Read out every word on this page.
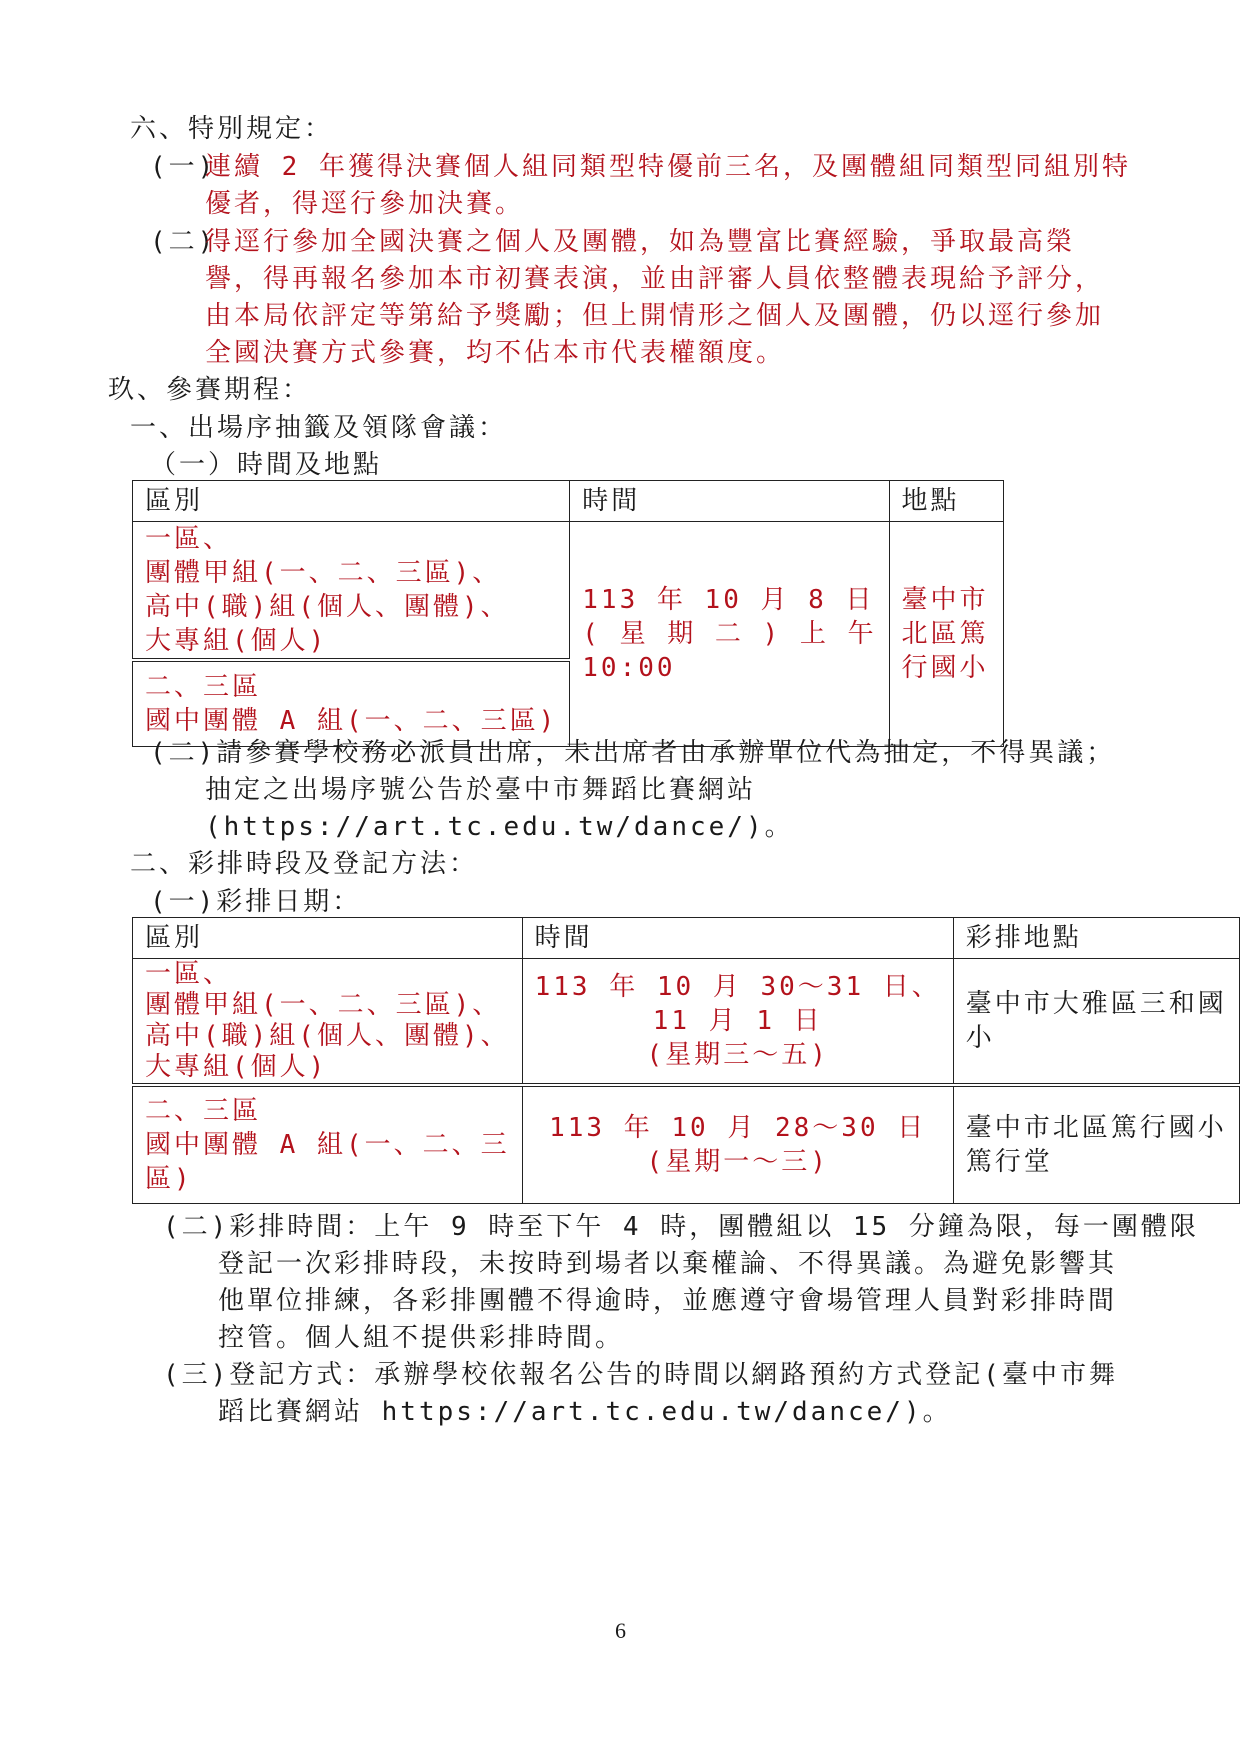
六、特別規定：
(一)
連續 2 年獲得決賽個人組同類型特優前三名，及團體組同類型同組別特
優者，得逕行參加決賽。
(二)
得逕行參加全國決賽之個人及團體，如為豐富比賽經驗，爭取最高榮
譽，得再報名參加本市初賽表演，並由評審人員依整體表現給予評分，
由本局依評定等第給予獎勵；但上開情形之個人及團體，仍以逕行參加
全國決賽方式參賽，均不佔本市代表權額度。
玖、參賽期程：
一、出場序抽籤及領隊會議：
（一）時間及地點
區別	時間	地點

一區、
團體甲組(一、二、三區)、
高中(職)組(個人、團體)、
大專組(個人)	113 年 10 月 8 日
( 星 期 二 ) 上 午
10:00	臺中市北區篤行國小

二、三區
國中團體 A 組(一、二、三區)		
(二)請參賽學校務必派員出席，未出席者由承辦單位代為抽定，不得異議；
抽定之出場序號公告於臺中市舞蹈比賽網站
(https://art.tc.edu.tw/dance/)。
二、彩排時段及登記方法：
(一)彩排日期：
區別	時間	彩排地點

一區、
團體甲組(一、二、三區)、
高中(職)組(個人、團體)、
大專組(個人)	113 年 10 月 30～31 日、
11 月 1 日
(星期三～五)	臺中市大雅區三和國
小

二、三區
國中團體 A 組(一、二、三
區)	113 年 10 月 28～30 日
(星期一～三)	臺中市北區篤行國小
篤行堂
(二)彩排時間：上午 9 時至下午 4 時，團體組以 15 分鐘為限，每一團體限
登記一次彩排時段，未按時到場者以棄權論、不得異議。為避免影響其
他單位排練，各彩排團體不得逾時，並應遵守會場管理人員對彩排時間
控管。個人組不提供彩排時間。
(三)登記方式：承辦學校依報名公告的時間以網路預約方式登記(臺中市舞
蹈比賽網站 https://art.tc.edu.tw/dance/)。
6
